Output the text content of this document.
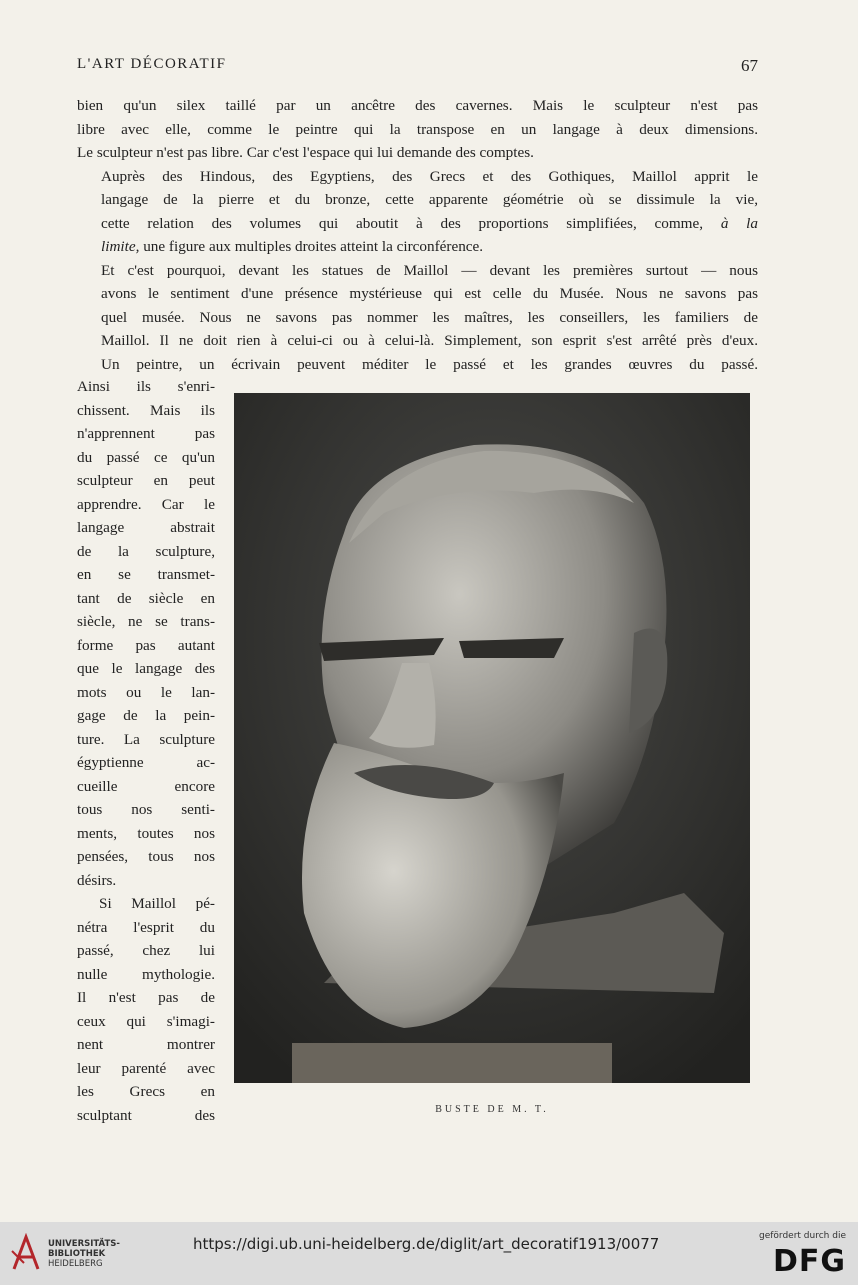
L'ART DÉCORATIF	67

bien qu'un silex taillé par un ancêtre des cavernes. Mais le sculpteur n'est pas
libre avec elle, comme le peintre qui la transpose en un langage à deux dimensions.
Le sculpteur n'est pas libre. Car c'est l'espace qui lui demande des comptes.

Auprès des Hindous, des Egyptiens, des Grecs et des Gothiques, Maillol apprit le
langage de la pierre et du bronze, cette apparente géométrie où se dissimule la vie,
cette relation des volumes qui aboutit à des proportions simplifiées, comme, à la
limite, une figure aux multiples droites atteint la circonférence.

Et c'est pourquoi, devant les statues de Maillol — devant les premières surtout — nous
avons le sentiment d'une présence mystérieuse qui est celle du Musée. Nous ne savons pas
quel musée. Nous ne savons pas nommer les maîtres, les conseillers, les familiers de
Maillol. Il ne doit rien à celui-ci ou à celui-là. Simplement, son esprit s'est arrêté près d'eux.

Un peintre, un écrivain peuvent méditer le passé et les grandes œuvres du passé.

Ainsi ils s'enri-
chissent. Mais ils
n'apprennent pas
du passé ce qu'un
sculpteur en peut
apprendre. Car le
langage abstrait
de la sculpture,
en se transmet-
tant de siècle en
siècle, ne se trans-
forme pas autant
que le langage des
mots ou le lan-
gage de la pein-
ture. La sculpture
égyptienne ac-
cueille encore
tous nos senti-
ments, toutes nos
pensées, tous nos
désirs.

Si Maillol pé-
nétra l'esprit du
passé, chez lui
nulle mythologie.
Il n'est pas de
ceux qui s'imagi-
nent montrer
leur parenté avec
les Grecs en
sculptant des	BUSTE DE M. T.
UNIVERSITÄTS-
BIBLIOTHEK
HEIDELBERG
https://digi.ub.uni-heidelberg.de/diglit/art_decoratif1913/0077	gefördert durch die
DFG
